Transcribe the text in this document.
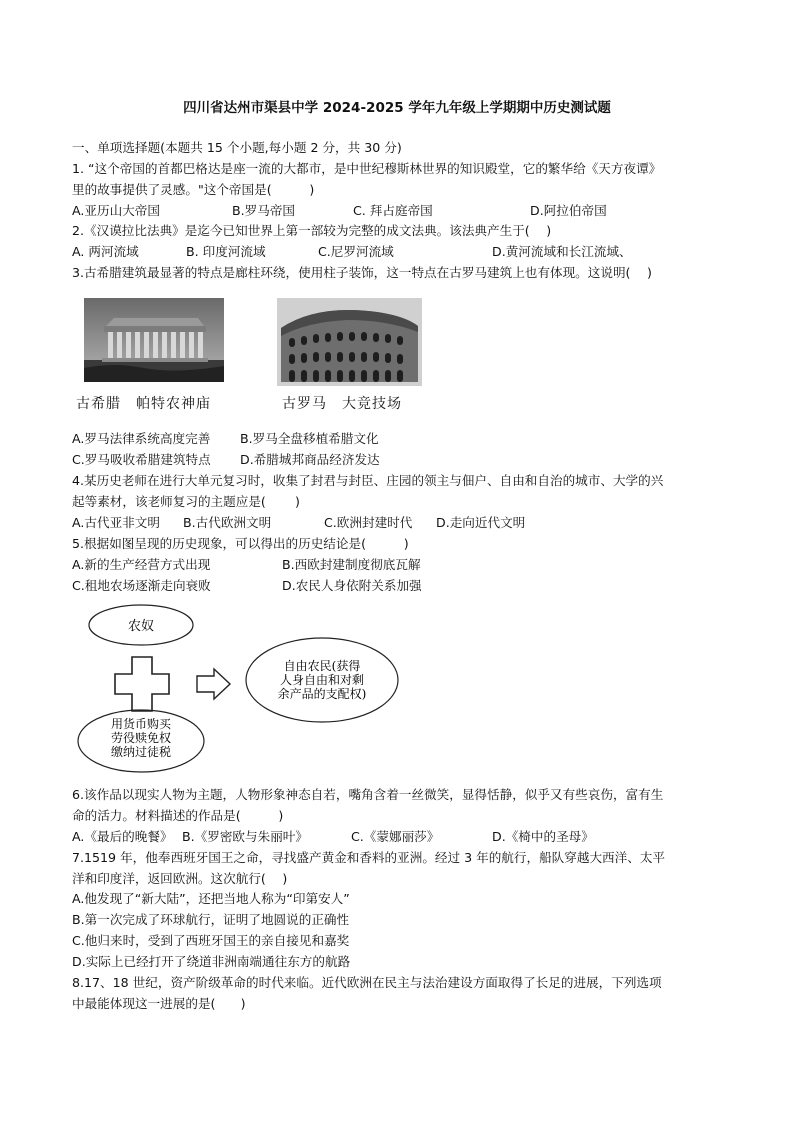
四川省达州市渠县中学 2024-2025 学年九年级上学期期中历史测试题
一、单项选择题(本题共 15 个小题,每小题 2 分，共 30 分)
1. “这个帝国的首都巴格达是座一流的大都市，是中世纪穆斯林世界的知识殿堂，它的繁华给《天方夜谭》
里的故事提供了灵感。"这个帝国是(　　　)
A.亚历山大帝国	B.罗马帝国	C. 拜占庭帝国	D.阿拉伯帝国
2.《汉谟拉比法典》是迄今已知世界上第一部较为完整的成文法典。该法典产生于(　 )
A. 两河流域	B. 印度河流域	C.尼罗河流域	D.黄河流域和长江流域、
3.古希腊建筑最显著的特点是廊柱环绕，使用柱子装饰，这一特点在古罗马建筑上也有体现。这说明(　 )
古希腊　帕特农神庙	古罗马　大竞技场
A.罗马法律系统高度完善 B.罗马全盘移植希腊文化
C.罗马吸收希腊建筑特点 D.希腊城邦商品经济发达
4.某历史老师在进行大单元复习时，收集了封君与封臣、庄园的领主与佃户、自由和自治的城市、大学的兴
起等素材，该老师复习的主题应是(　　 )
A.古代亚非文明 B.古代欧洲文明	C.欧洲封建时代 D.走向近代文明
5.根据如图呈现的历史现象，可以得出的历史结论是(　　　)
A.新的生产经营方式出现	B.西欧封建制度彻底瓦解
C.租地农场逐渐走向衰败	D.农民人身依附关系加强
农奴
自由农民(获得
人身自由和对剩
余产品的支配权)
用货币购买
劳役赎免权
缴纳过徒税
6.该作品以现实人物为主题，人物形象神态自若，嘴角含着一丝微笑，显得恬静，似乎又有些哀伤，富有生
命的活力。材料描述的作品是(　　　)
A.《最后的晚餐》 B.《罗密欧与朱丽叶》	C.《蒙娜丽莎》	D.《椅中的圣母》
7.1519 年，他奉西班牙国王之命，寻找盛产黄金和香料的亚洲。经过 3 年的航行，船队穿越大西洋、太平
洋和印度洋，返回欧洲。这次航行(　 )
A.他发现了“新大陆”，还把当地人称为“印第安人”
B.第一次完成了环球航行，证明了地圆说的正确性
C.他归来时，受到了西班牙国王的亲自接见和嘉奖
D.实际上已经打开了绕道非洲南端通往东方的航路
8.17、18 世纪，资产阶级革命的时代来临。近代欧洲在民主与法治建设方面取得了长足的进展，下列选项
中最能体现这一进展的是(　　)
